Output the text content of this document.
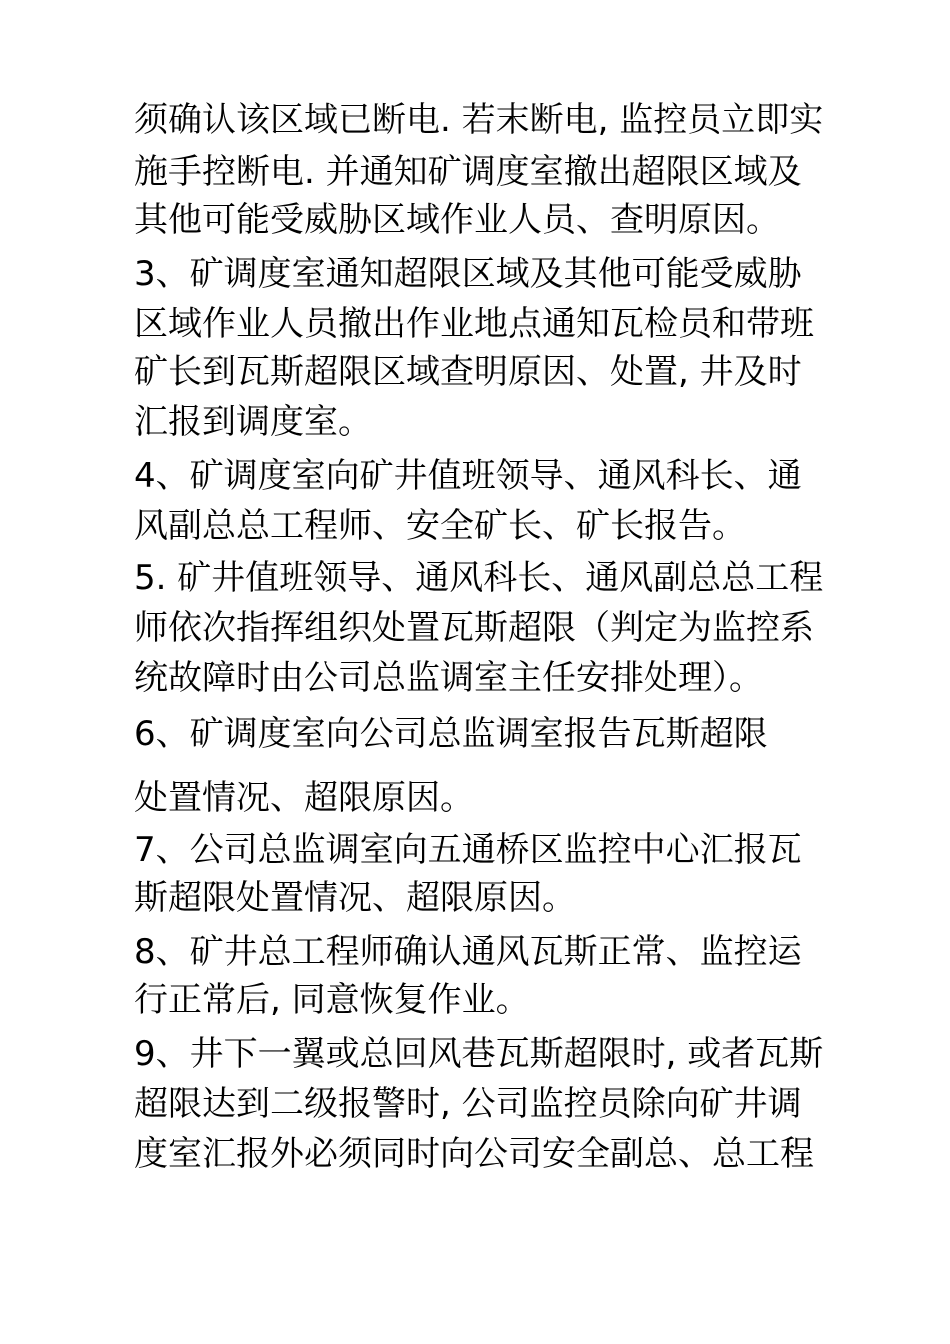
须确认该区域已断电. 若末断电, 监控员立即实
施手控断电. 并通知矿调度室撤出超限区域及
其他可能受威胁区域作业人员、查明原因。
3、矿调度室通知超限区域及其他可能受威胁
区域作业人员撤出作业地点通知瓦检员和带班
矿长到瓦斯超限区域查明原因、处置, 井及时
汇报到调度室。
4、矿调度室向矿井值班领导、通风科长、通
风副总总工程师、安全矿长、矿长报告。
5. 矿井值班领导、通风科长、通风副总总工程
师依次指挥组织处置瓦斯超限（判定为监控系
统故障时由公司总监调室主任安排处理）。
6、矿调度室向公司总监调室报告瓦斯超限
处置情况、超限原因。
7、公司总监调室向五通桥区监控中心汇报瓦
斯超限处置情况、超限原因。
8、矿井总工程师确认通风瓦斯正常、监控运
行正常后, 同意恢复作业。
9、井下一翼或总回风巷瓦斯超限时, 或者瓦斯
超限达到二级报警时, 公司监控员除向矿井调
度室汇报外必须同时向公司安全副总、总工程
